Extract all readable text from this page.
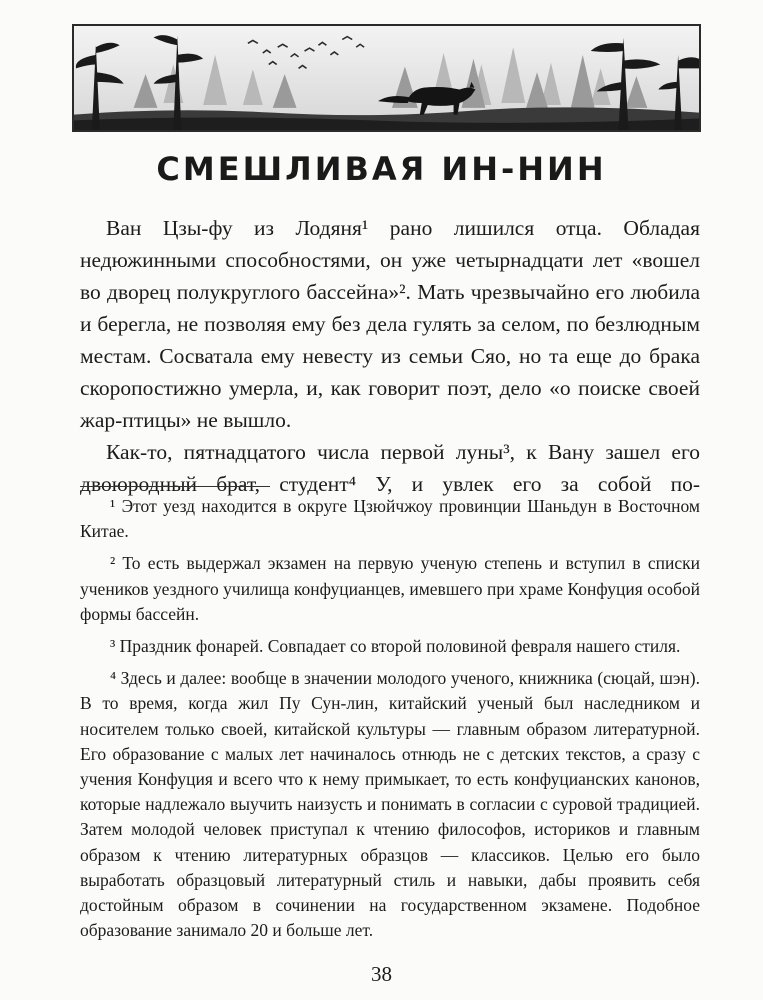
СМЕШЛИВАЯ ИН-НИН

Ван Цзы-фу из Лодяня¹ рано лишился отца. Обладая недюжинными способностями, он уже четырнадцати лет «вошел во дворец полукруглого бассейна»². Мать чрезвычайно его любила и берегла, не позволяя ему без дела гулять за селом, по безлюдным местам. Сосватала ему невесту из семьи Сяо, но та еще до брака скоропостижно умерла, и, как говорит поэт, дело «о поиске своей жар-птицы» не вышло.

Как-то, пятнадцатого числа первой луны³, к Вану зашел его двоюродный брат, студент⁴ У, и увлек его за собой по-

¹ Этот уезд находится в округе Цзюйчжоу провинции Шаньдун в Восточном Китае.

² То есть выдержал экзамен на первую ученую степень и вступил в списки учеников уездного училища конфуцианцев, имевшего при храме Конфуция особой формы бассейн.

³ Праздник фонарей. Совпадает со второй половиной февраля нашего стиля.

⁴ Здесь и далее: вообще в значении молодого ученого, книжника (сюцай, шэн). В то время, когда жил Пу Сун-лин, китайский ученый был наследником и носителем только своей, китайской культуры — главным образом литературной. Его образование с малых лет начиналось отнюдь не с детских текстов, а сразу с учения Конфуция и всего что к нему примыкает, то есть конфуцианских канонов, которые надлежало выучить наизусть и понимать в согласии с суровой традицией. Затем молодой человек приступал к чтению философов, историков и главным образом к чтению литературных образцов — классиков. Целью его было выработать образцовый литературный стиль и навыки, дабы проявить себя достойным образом в сочинении на государственном экзамене. Подобное образование занимало 20 и больше лет.

38
